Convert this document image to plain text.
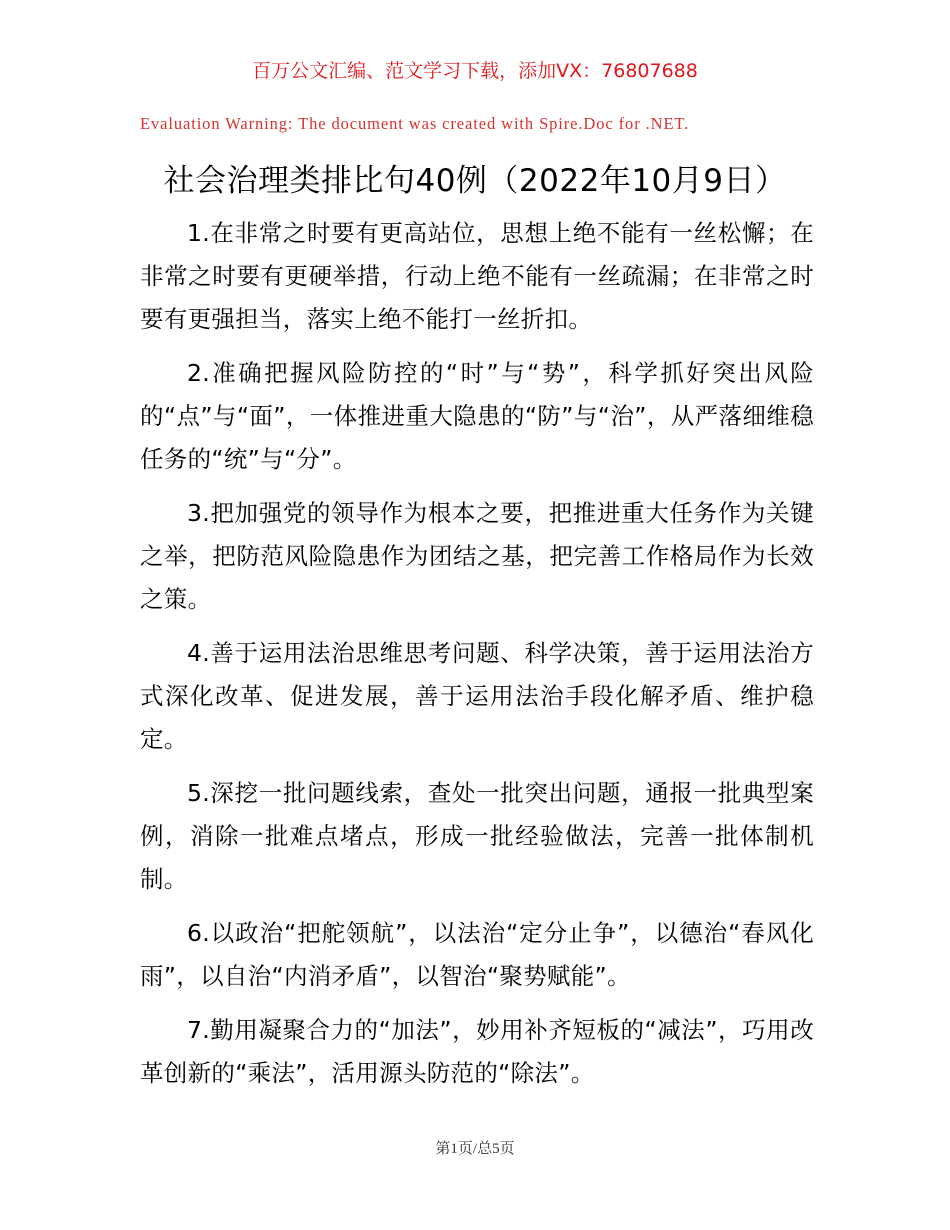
百万公文汇编、范文学习下载，添加VX：76807688
Evaluation Warning: The document was created with Spire.Doc for .NET.
社会治理类排比句40例（2022年10月9日）

1.在非常之时要有更高站位，思想上绝不能有一丝松懈；在非常之时要有更硬举措，行动上绝不能有一丝疏漏；在非常之时要有更强担当，落实上绝不能打一丝折扣。

2.准确把握风险防控的“时”与“势”，科学抓好突出风险的“点”与“面”，一体推进重大隐患的“防”与“治”，从严落细维稳任务的“统”与“分”。

3.把加强党的领导作为根本之要，把推进重大任务作为关键之举，把防范风险隐患作为团结之基，把完善工作格局作为长效之策。

4.善于运用法治思维思考问题、科学决策，善于运用法治方式深化改革、促进发展，善于运用法治手段化解矛盾、维护稳定。

5.深挖一批问题线索，查处一批突出问题，通报一批典型案例，消除一批难点堵点，形成一批经验做法，完善一批体制机制。

6.以政治“把舵领航”，以法治“定分止争”，以德治“春风化雨”，以自治“内消矛盾”，以智治“聚势赋能”。

7.勤用凝聚合力的“加法”，妙用补齐短板的“减法”，巧用改革创新的“乘法”，活用源头防范的“除法”。

第1页/总5页
